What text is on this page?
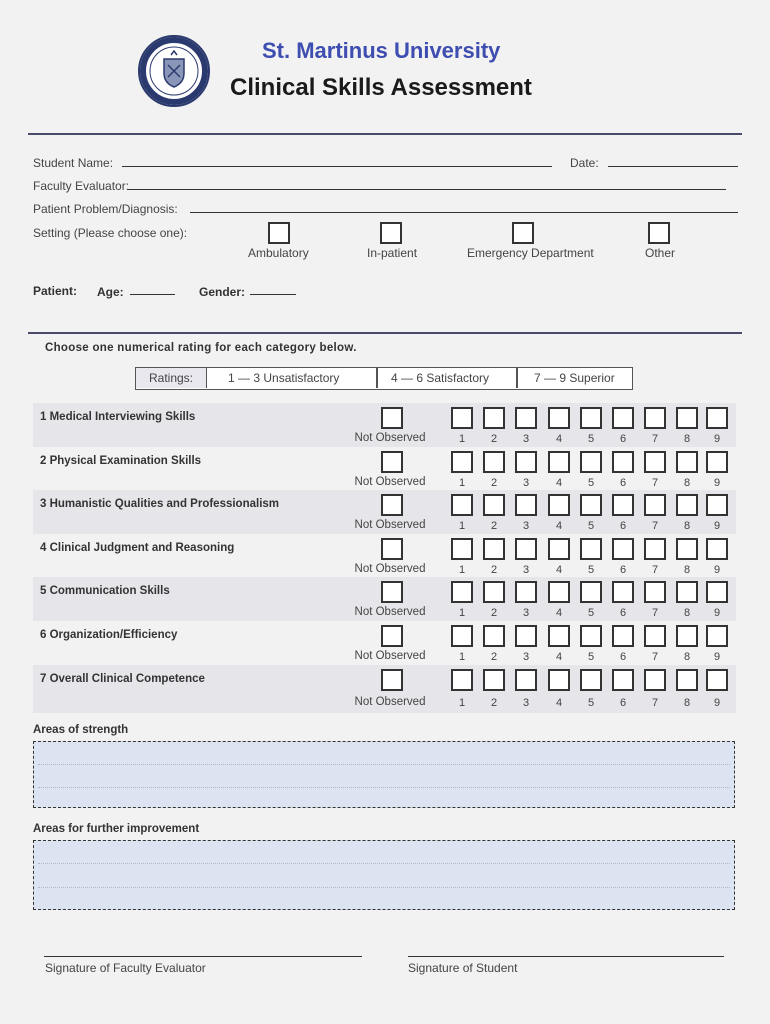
St. Martinus University
Clinical Skills Assessment
Student Name:	Date:
Faculty Evaluator:
Patient Problem/Diagnosis:
Setting (Please choose one):
Ambulatory	In-patient	Emergency Department	Other
Patient: Age:	Gender:
Choose one numerical rating for each category below.
Ratings:	1 — 3 Unsatisfactory	4 — 6 Satisfactory	7 — 9 Superior
1 Medical Interviewing Skills
Not Observed	1 2 3 4 5 6 7 8 9
2 Physical Examination Skills
Not Observed	1 2 3 4 5 6 7 8 9
3 Humanistic Qualities and Professionalism
Not Observed	1 2 3 4 5 6 7 8 9
4 Clinical Judgment and Reasoning
Not Observed	1 2 3 4 5 6 7 8 9
5 Communication Skills
Not Observed	1 2 3 4 5 6 7 8 9
6 Organization/Efficiency
Not Observed	1 2 3 4 5 6 7 8 9
7 Overall Clinical Competence
Not Observed	1 2 3 4 5 6 7 8 9
Areas of strength
Areas for further improvement
Signature of Faculty Evaluator	Signature of Student
